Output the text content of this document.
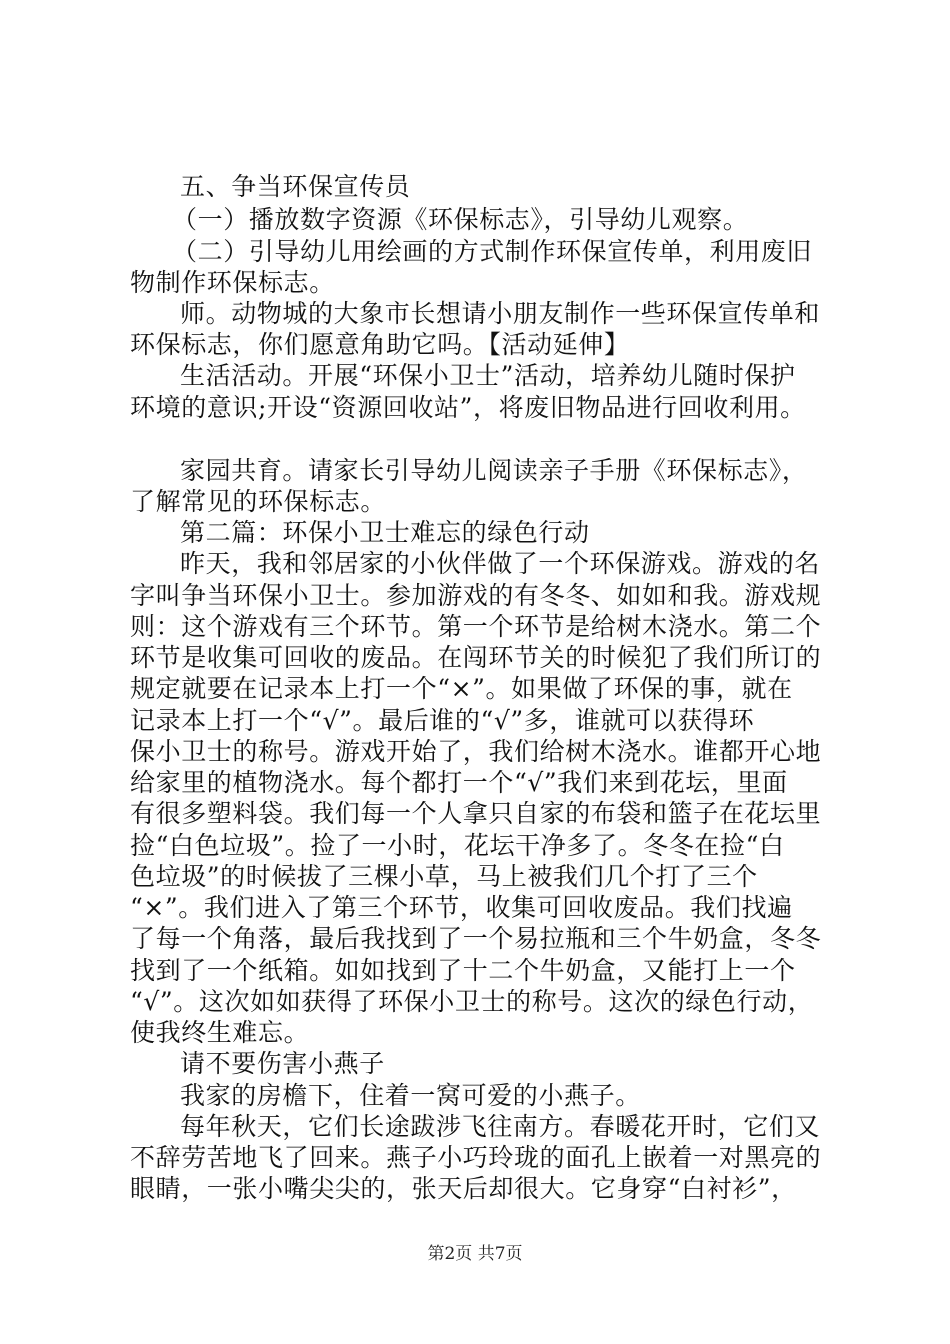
五、争当环保宣传员
（一）播放数字资源《环保标志》，引导幼儿观察。
（二）引导幼儿用绘画的方式制作环保宣传单，利用废旧
物制作环保标志。
师。动物城的大象市长想请小朋友制作一些环保宣传单和
环保标志，你们愿意角助它吗。【活动延伸】
生活活动。开展“环保小卫士”活动，培养幼儿随时保护
环境的意识;开设“资源回收站”，将废旧物品进行回收利用。
家园共育。请家长引导幼儿阅读亲子手册《环保标志》，
了解常见的环保标志。
第二篇：环保小卫士难忘的绿色行动
昨天，我和邻居家的小伙伴做了一个环保游戏。游戏的名
字叫争当环保小卫士。参加游戏的有冬冬、如如和我。游戏规
则：这个游戏有三个环节。第一个环节是给树木浇水。第二个
环节是收集可回收的废品。在闯环节关的时候犯了我们所订的
规定就要在记录本上打一个“×”。如果做了环保的事，就在
记录本上打一个“√”。最后谁的“√”多，谁就可以获得环
保小卫士的称号。游戏开始了，我们给树木浇水。谁都开心地
给家里的植物浇水。每个都打一个“√”我们来到花坛，里面
有很多塑料袋。我们每一个人拿只自家的布袋和篮子在花坛里
捡“白色垃圾”。捡了一小时，花坛干净多了。冬冬在捡“白
色垃圾”的时候拔了三棵小草，马上被我们几个打了三个
“×”。我们进入了第三个环节，收集可回收废品。我们找遍
了每一个角落，最后我找到了一个易拉瓶和三个牛奶盒，冬冬
找到了一个纸箱。如如找到了十二个牛奶盒，又能打上一个
“√”。这次如如获得了环保小卫士的称号。这次的绿色行动，
使我终生难忘。
请不要伤害小燕子
我家的房檐下，住着一窝可爱的小燕子。
每年秋天，它们长途跋涉飞往南方。春暖花开时，它们又
不辞劳苦地飞了回来。燕子小巧玲珑的面孔上嵌着一对黑亮的
眼睛，一张小嘴尖尖的，张天后却很大。它身穿“白衬衫”，
第2页 共7页
